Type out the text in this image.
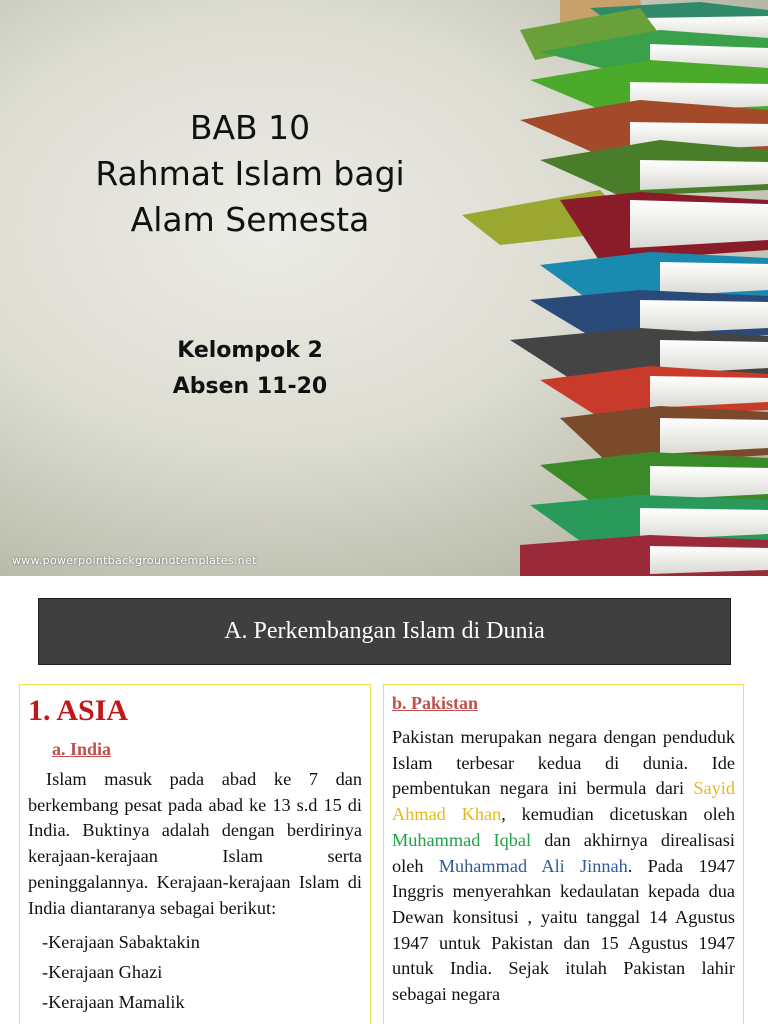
BAB 10
Rahmat Islam bagi
Alam Semesta
Kelompok 2
Absen 11-20
www.powerpointbackgroundtemplates.net
A. Perkembangan Islam di Dunia
1. ASIA
a. India
Islam masuk pada abad ke 7 dan berkembang pesat pada abad ke 13 s.d 15 di India. Buktinya adalah dengan berdirinya kerajaan-kerajaan Islam serta peninggalannya. Kerajaan-kerajaan Islam di India diantaranya sebagai berikut:
-Kerajaan Sabaktakin
-Kerajaan Ghazi
-Kerajaan Mamalik
b. Pakistan
Pakistan merupakan negara dengan penduduk Islam terbesar kedua di dunia. Ide pembentukan negara ini bermula dari Sayid Ahmad Khan, kemudian dicetuskan oleh Muhammad Iqbal dan akhirnya direalisasi oleh Muhammad Ali Jinnah. Pada 1947 Inggris menyerahkan kedaulatan kepada dua Dewan konsitusi , yaitu tanggal 14 Agustus 1947 untuk Pakistan dan 15 Agustus 1947 untuk India. Sejak itulah Pakistan lahir sebagai negara
